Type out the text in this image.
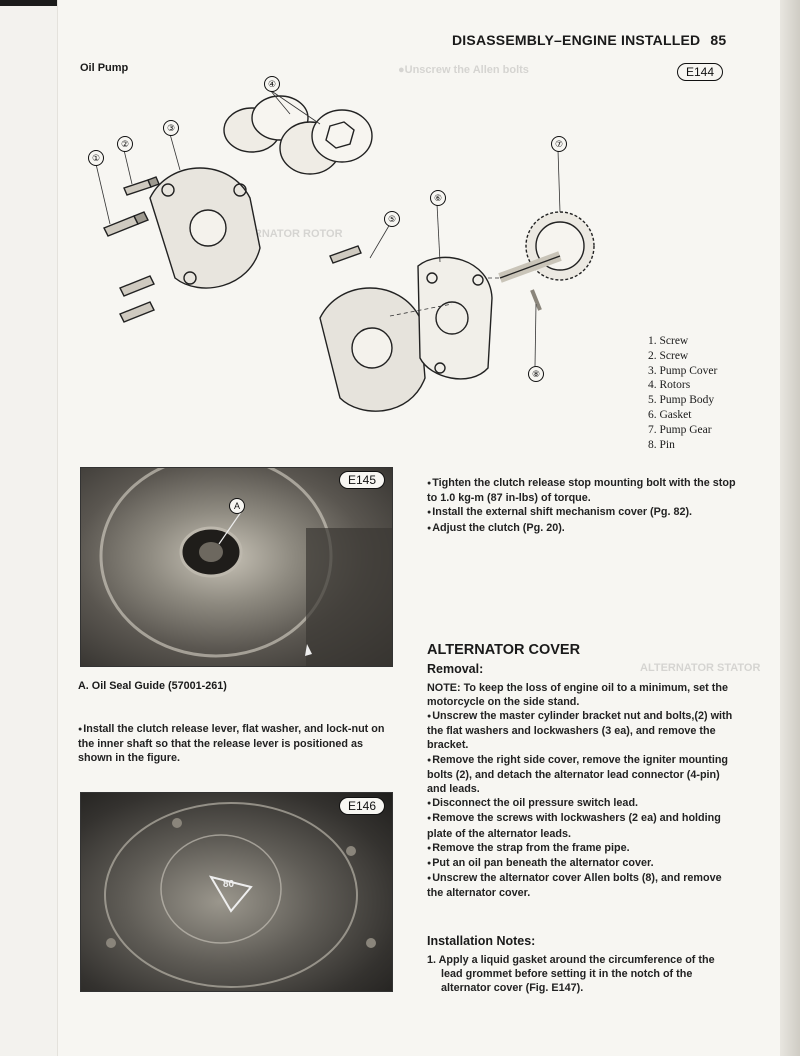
DISASSEMBLY–ENGINE INSTALLED 85
Oil Pump	E144
①
②
③
④
⑤
⑥
⑦
⑧
1. Screw
2. Screw
3. Pump Cover
4. Rotors
5. Pump Body
6. Gasket
7. Pump Gear
8. Pin
A
E145
A. Oil Seal Guide (57001-261)
● Install the clutch release lever, flat washer, and lock-nut on the inner shaft so that the release lever is positioned as shown in the figure.
80
E146
● Tighten the clutch release stop mounting bolt with the stop to 1.0 kg-m (87 in-lbs) of torque.
● Install the external shift mechanism cover (Pg. 82).
● Adjust the clutch (Pg. 20).
ALTERNATOR COVER
Removal:
NOTE: To keep the loss of engine oil to a minimum, set the motorcycle on the side stand.
● Unscrew the master cylinder bracket nut and bolts,(2) with the flat washers and lockwashers (3 ea), and remove the bracket.
● Remove the right side cover, remove the igniter mounting bolts (2), and detach the alternator lead connector (4-pin) and leads.
● Disconnect the oil pressure switch lead.
● Remove the screws with lockwashers (2 ea) and holding plate of the alternator leads.
● Remove the strap from the frame pipe.
● Put an oil pan beneath the alternator cover.
● Unscrew the alternator cover Allen bolts (8), and remove the alternator cover.
Installation Notes:
1. Apply a liquid gasket around the circumference of the lead grommet before setting it in the notch of the alternator cover (Fig. E147).
